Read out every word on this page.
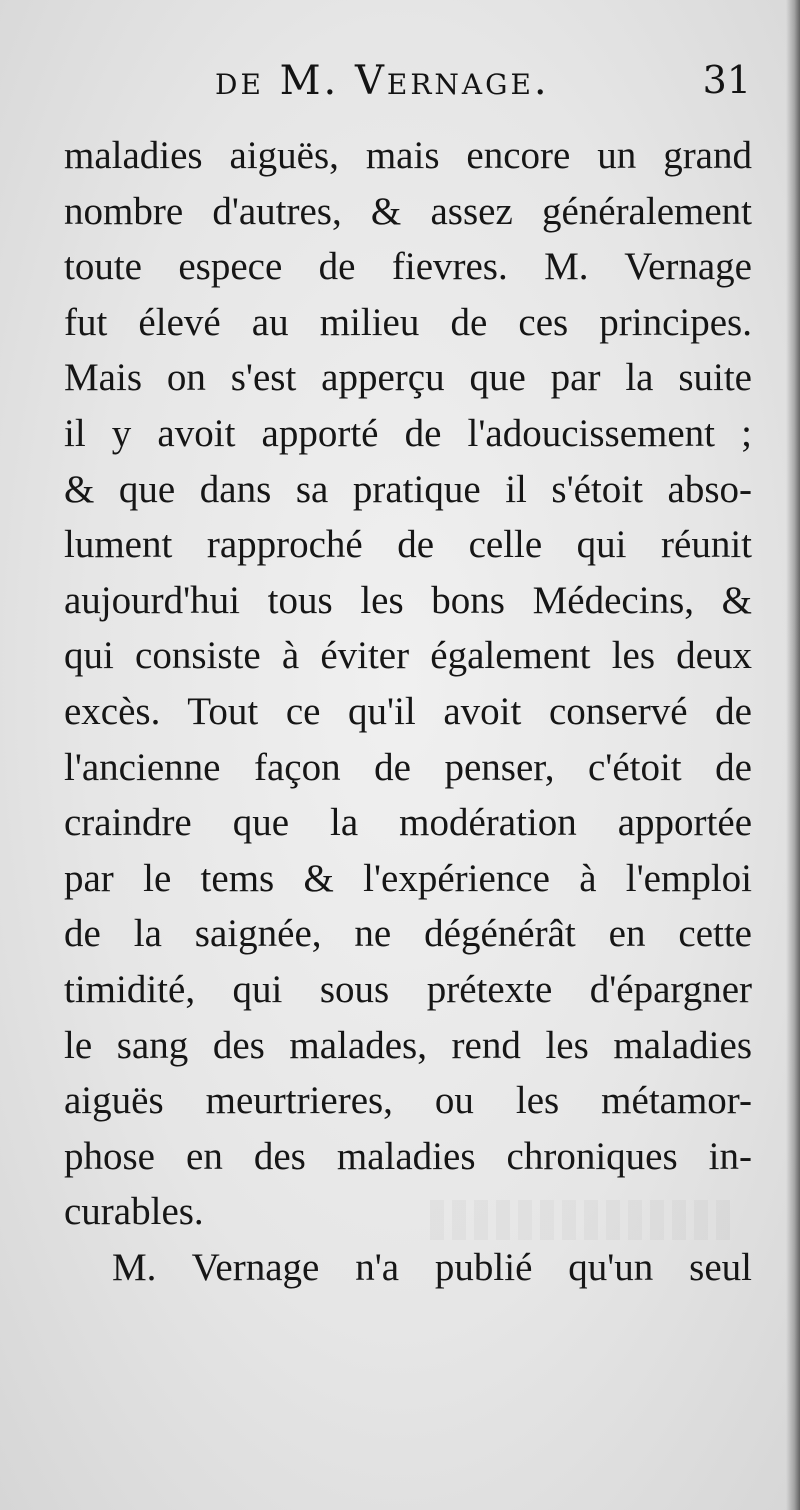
de M. Vernage.	31
maladies aiguës, mais encore un grand
nombre d'autres, & assez généralement
toute espece de fievres. M. Vernage
fut élevé au milieu de ces principes.
Mais on s'est apperçu que par la suite
il y avoit apporté de l'adoucissement ;
& que dans sa pratique il s'étoit abso-
lument rapproché de celle qui réunit
aujourd'hui tous les bons Médecins, &
qui consiste à éviter également les deux
excès. Tout ce qu'il avoit conservé de
l'ancienne façon de penser, c'étoit de
craindre que la modération apportée
par le tems & l'expérience à l'emploi
de la saignée, ne dégénérât en cette
timidité, qui sous prétexte d'épargner
le sang des malades, rend les maladies
aiguës meurtrieres, ou les métamor-
phose en des maladies chroniques in-
curables.
M. Vernage n'a publié qu'un seul
